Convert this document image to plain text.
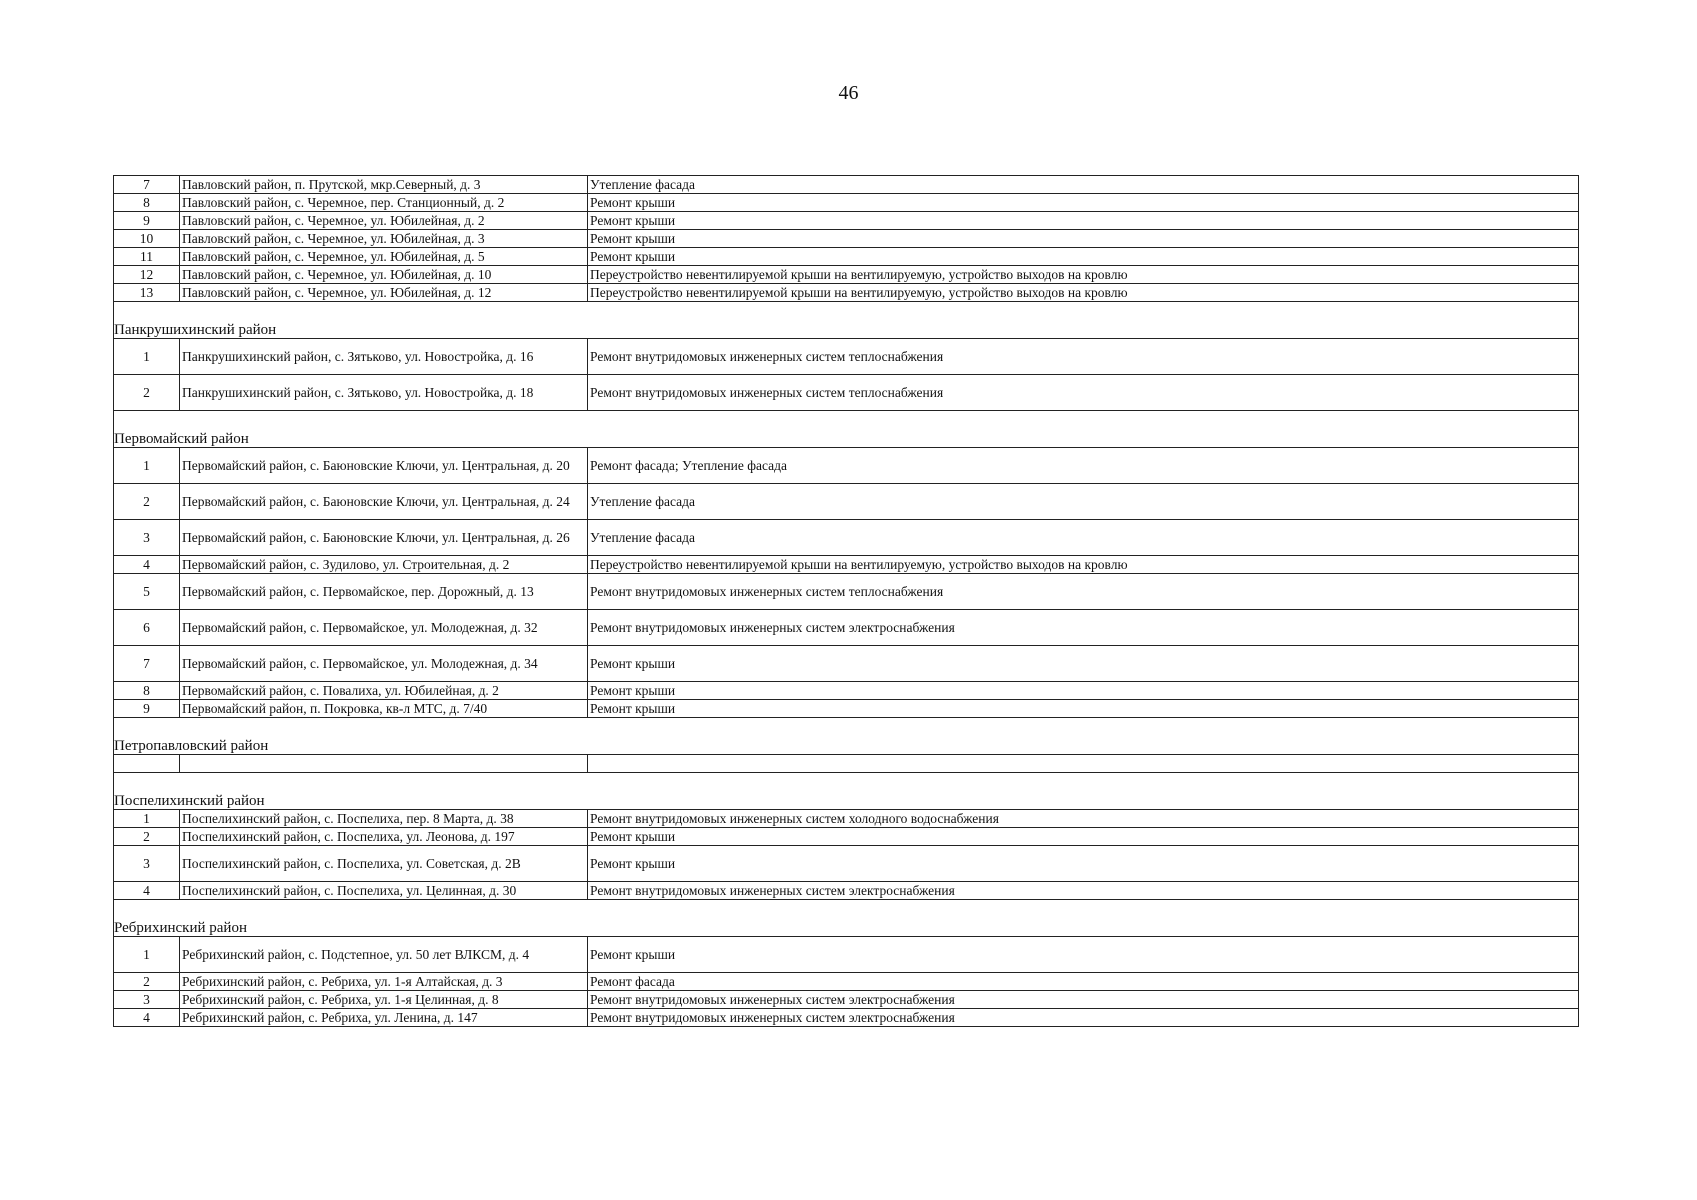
46
7	Павловский район, п. Прутской, мкр.Северный, д. 3	Утепление фасада
8	Павловский район, с. Черемное, пер. Станционный, д. 2	Ремонт крыши
9	Павловский район, с. Черемное, ул. Юбилейная, д. 2	Ремонт крыши
10	Павловский район, с. Черемное, ул. Юбилейная, д. 3	Ремонт крыши
11	Павловский район, с. Черемное, ул. Юбилейная, д. 5	Ремонт крыши
12	Павловский район, с. Черемное, ул. Юбилейная, д. 10	Переустройство невентилируемой крыши на вентилируемую, устройство выходов на кровлю
13	Павловский район, с. Черемное, ул. Юбилейная, д. 12	Переустройство невентилируемой крыши на вентилируемую, устройство выходов на кровлю

Панкрушихинский район		
1	Панкрушихинский район, с. Зятьково, ул. Новостройка, д. 16	Ремонт внутридомовых инженерных систем теплоснабжения
2	Панкрушихинский район, с. Зятьково, ул. Новостройка, д. 18	Ремонт внутридомовых инженерных систем теплоснабжения

Первомайский район		
1	Первомайский район, с. Баюновские Ключи, ул. Центральная, д. 20	Ремонт фасада; Утепление фасада
2	Первомайский район, с. Баюновские Ключи, ул. Центральная, д. 24	Утепление фасада
3	Первомайский район, с. Баюновские Ключи, ул. Центральная, д. 26	Утепление фасада
4	Первомайский район, с. Зудилово, ул. Строительная, д. 2	Переустройство невентилируемой крыши на вентилируемую, устройство выходов на кровлю
5	Первомайский район, с. Первомайское, пер. Дорожный, д. 13	Ремонт внутридомовых инженерных систем теплоснабжения
6	Первомайский район, с. Первомайское, ул. Молодежная, д. 32	Ремонт внутридомовых инженерных систем электроснабжения
7	Первомайский район, с. Первомайское, ул. Молодежная, д. 34	Ремонт крыши
8	Первомайский район, с. Повалиха, ул. Юбилейная, д. 2	Ремонт крыши
9	Первомайский район, п. Покровка, кв-л МТС, д. 7/40	Ремонт крыши

Петропавловский район		

Поспелихинский район		
1	Поспелихинский район, с. Поспелиха, пер. 8 Марта, д. 38	Ремонт внутридомовых инженерных систем холодного водоснабжения
2	Поспелихинский район, с. Поспелиха, ул. Леонова, д. 197	Ремонт крыши
3	Поспелихинский район, с. Поспелиха, ул. Советская, д. 2В	Ремонт крыши
4	Поспелихинский район, с. Поспелиха, ул. Целинная, д. 30	Ремонт внутридомовых инженерных систем электроснабжения

Ребрихинский район		
1	Ребрихинский район, с. Подстепное, ул. 50 лет ВЛКСМ, д. 4	Ремонт крыши
2	Ребрихинский район, с. Ребриха, ул. 1-я Алтайская, д. 3	Ремонт фасада
3	Ребрихинский район, с. Ребриха, ул. 1-я Целинная, д. 8	Ремонт внутридомовых инженерных систем электроснабжения
4	Ребрихинский район, с. Ребриха, ул. Ленина, д. 147	Ремонт внутридомовых инженерных систем электроснабжения
